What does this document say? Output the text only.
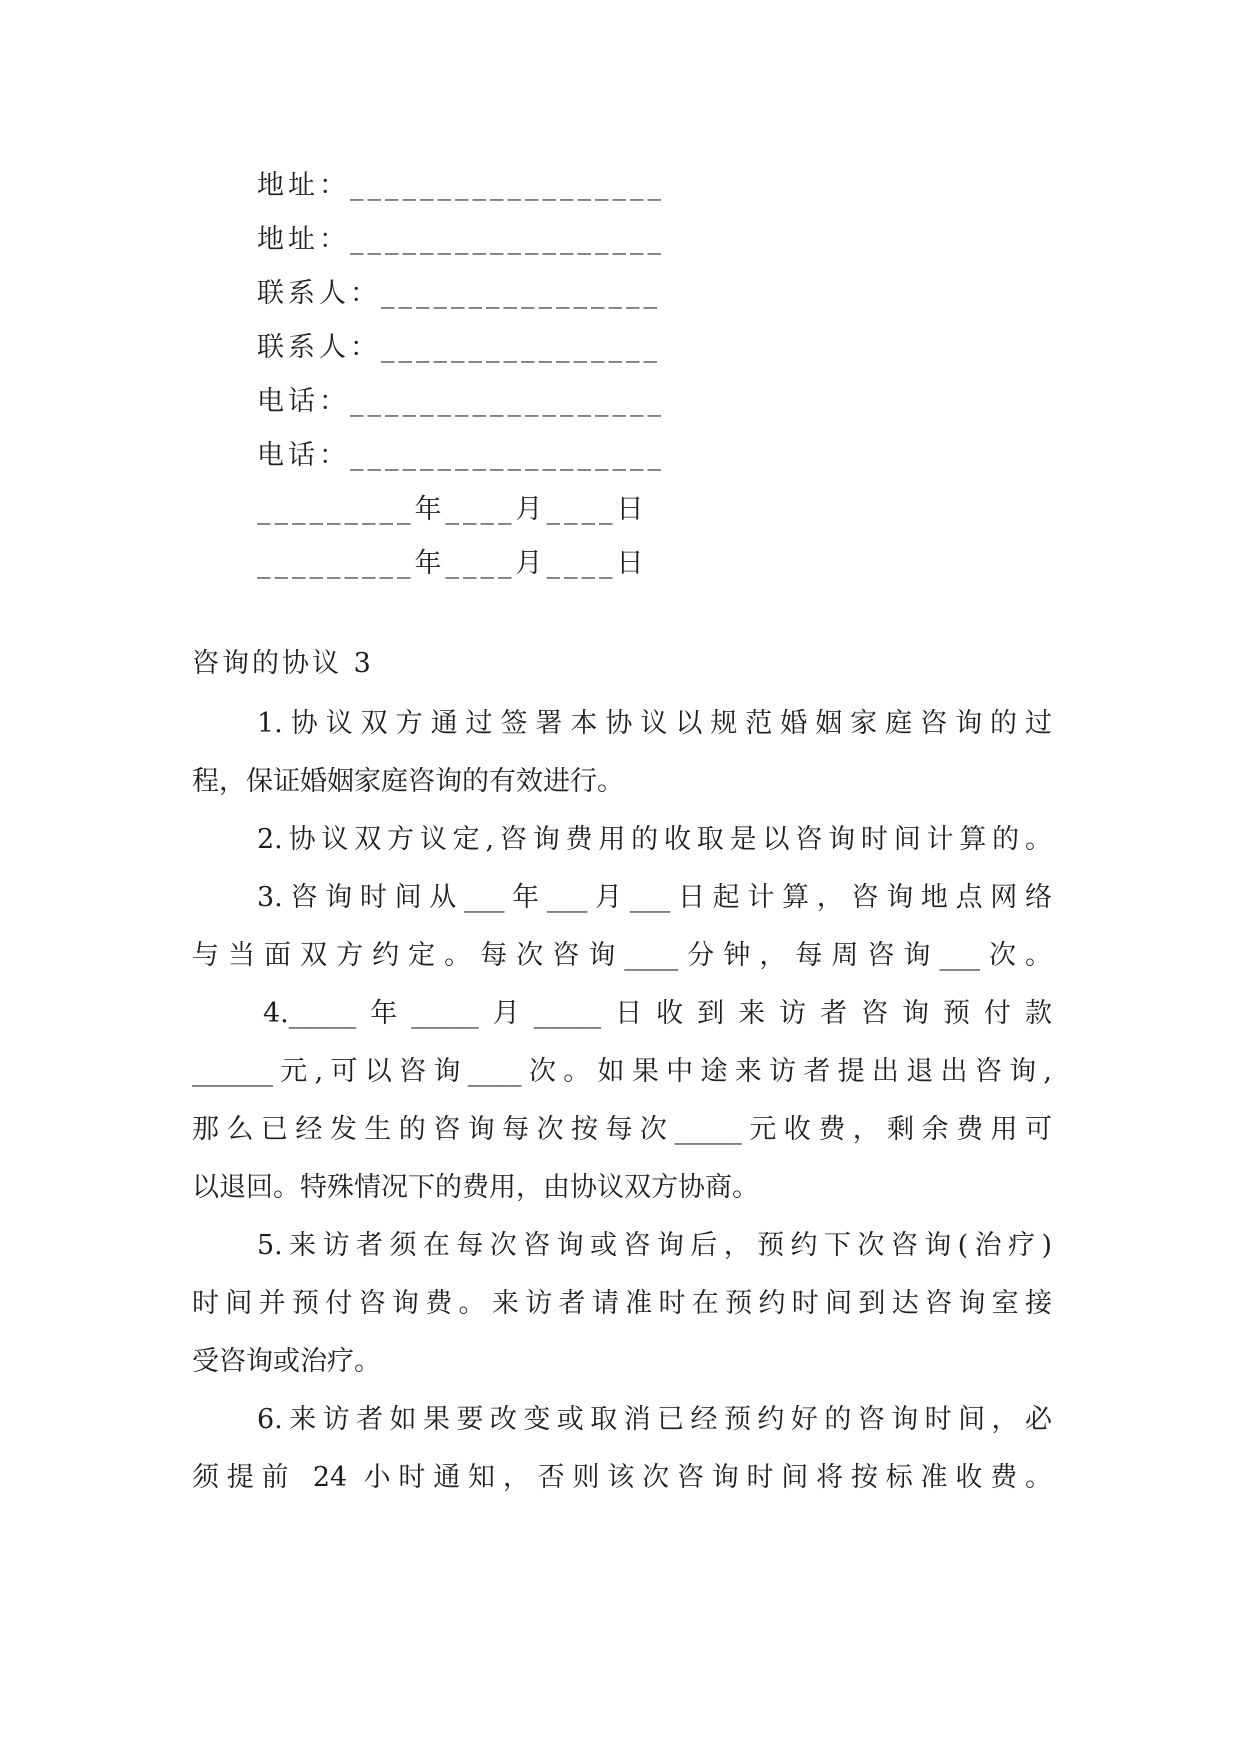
地址：__________________
地址：__________________
联系人：________________
联系人：________________
电话：__________________
电话：__________________
_________年____月____日
_________年____月____日
咨询的协议 3
1.协议双方通过签署本协议以规范婚姻家庭咨询的过
程，保证婚姻家庭咨询的有效进行。
2.协议双方议定,咨询费用的收取是以咨询时间计算的。
3.咨询时间从___年___月___日起计算，咨询地点网络
与当面双方约定。每次咨询____分钟，每周咨询___次。
4._____年_____月_____日收到来访者咨询预付款
______元,可以咨询____次。如果中途来访者提出退出咨询,
那么已经发生的咨询每次按每次_____元收费，剩余费用可
以退回。特殊情况下的费用，由协议双方协商。
5.来访者须在每次咨询或咨询后，预约下次咨询(治疗)
时间并预付咨询费。来访者请准时在预约时间到达咨询室接
受咨询或治疗。
6.来访者如果要改变或取消已经预约好的咨询时间，必
须提前 24 小时通知，否则该次咨询时间将按标准收费。
